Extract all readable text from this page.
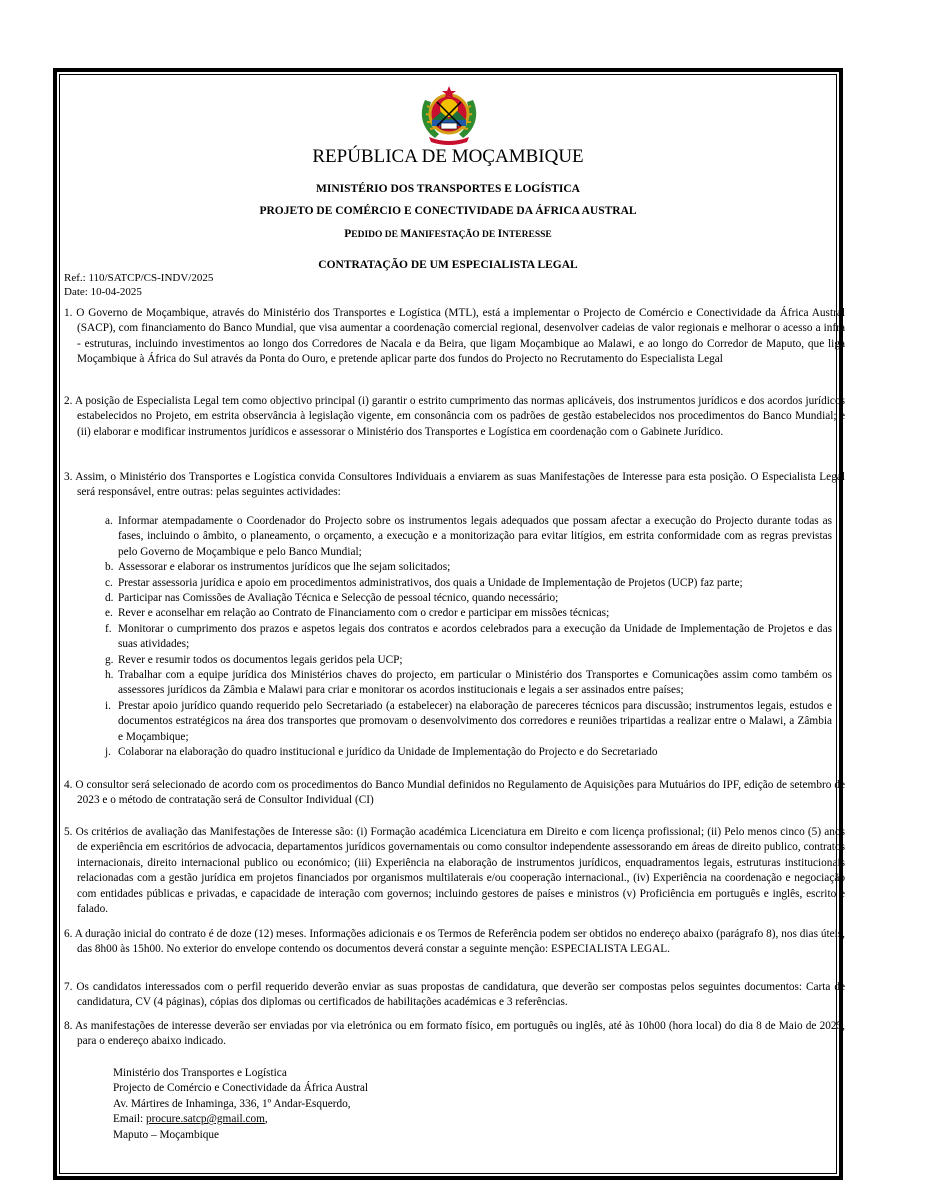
REPÚBLICA DE MOÇAMBIQUE
MINISTÉRIO DOS TRANSPORTES E LOGÍSTICA
PROJETO DE COMÉRCIO E CONECTIVIDADE DA ÁFRICA AUSTRAL
PEDIDO DE MANIFESTAÇÃO DE INTERESSE
CONTRATAÇÃO DE UM ESPECIALISTA LEGAL
Ref.: 110/SATCP/CS-INDV/2025
Date: 10-04-2025
1. O Governo de Moçambique, através do Ministério dos Transportes e Logística (MTL), está a implementar o Projecto de Comércio e Conectividade da África Austral (SACP), com financiamento do Banco Mundial, que visa aumentar a coordenação comercial regional, desenvolver cadeias de valor regionais e melhorar o acesso a infra - estruturas, incluindo investimentos ao longo dos Corredores de Nacala e da Beira, que ligam Moçambique ao Malawi, e ao longo do Corredor de Maputo, que liga Moçambique à África do Sul através da Ponta do Ouro, e pretende aplicar parte dos fundos do Projecto no Recrutamento do Especialista Legal
2. A posição de Especialista Legal tem como objectivo principal (i) garantir o estrito cumprimento das normas aplicáveis, dos instrumentos jurídicos e dos acordos jurídicos estabelecidos no Projeto, em estrita observância à legislação vigente, em consonância com os padrões de gestão estabelecidos nos procedimentos do Banco Mundial; e (ii) elaborar e modificar instrumentos jurídicos e assessorar o Ministério dos Transportes e Logística em coordenação com o Gabinete Jurídico.
3. Assim, o Ministério dos Transportes e Logística convida Consultores Individuais a enviarem as suas Manifestações de Interesse para esta posição. O Especialista Legal será responsável, entre outras: pelas seguintes actividades:
a. Informar atempadamente o Coordenador do Projecto sobre os instrumentos legais adequados que possam afectar a execução do Projecto durante todas as fases, incluindo o âmbito, o planeamento, o orçamento, a execução e a monitorização para evitar litígios, em estrita conformidade com as regras previstas pelo Governo de Moçambique e pelo Banco Mundial;
b. Assessorar e elaborar os instrumentos jurídicos que lhe sejam solicitados;
c. Prestar assessoria jurídica e apoio em procedimentos administrativos, dos quais a Unidade de Implementação de Projetos (UCP) faz parte;
d. Participar nas Comissões de Avaliação Técnica e Selecção de pessoal técnico, quando necessário;
e. Rever e aconselhar em relação ao Contrato de Financiamento com o credor e participar em missões técnicas;
f. Monitorar o cumprimento dos prazos e aspetos legais dos contratos e acordos celebrados para a execução da Unidade de Implementação de Projetos e das suas atividades;
g. Rever e resumir todos os documentos legais geridos pela UCP;
h. Trabalhar com a equipe jurídica dos Ministérios chaves do projecto, em particular o Ministério dos Transportes e Comunicações assim como também os assessores jurídicos da Zâmbia e Malawi para criar e monitorar os acordos institucionais e legais a ser assinados entre países;
i. Prestar apoio jurídico quando requerido pelo Secretariado (a estabelecer) na elaboração de pareceres técnicos para discussão; instrumentos legais, estudos e documentos estratégicos na área dos transportes que promovam o desenvolvimento dos corredores e reuniões tripartidas a realizar entre o Malawi, a Zâmbia e Moçambique;
j. Colaborar na elaboração do quadro institucional e jurídico da Unidade de Implementação do Projecto e do Secretariado
4. O consultor será selecionado de acordo com os procedimentos do Banco Mundial definidos no Regulamento de Aquisições para Mutuários do IPF, edição de setembro de 2023 e o método de contratação será de Consultor Individual (CI)
5. Os critérios de avaliação das Manifestações de Interesse são: (i) Formação académica Licenciatura em Direito e com licença profissional; (ii) Pelo menos cinco (5) anos de experiência em escritórios de advocacia, departamentos jurídicos governamentais ou como consultor independente assessorando em áreas de direito publico, contratos internacionais, direito internacional publico ou económico; (iii) Experiência na elaboração de instrumentos jurídicos, enquadramentos legais, estruturas institucionais relacionadas com a gestão jurídica em projetos financiados por organismos multilaterais e/ou cooperação internacional., (iv) Experiência na coordenação e negociação com entidades públicas e privadas, e capacidade de interação com governos; incluindo gestores de países e ministros (v) Proficiência em português e inglês, escrito e falado.
6. A duração inicial do contrato é de doze (12) meses. Informações adicionais e os Termos de Referência podem ser obtidos no endereço abaixo (parágrafo 8), nos dias úteis, das 8h00 às 15h00. No exterior do envelope contendo os documentos deverá constar a seguinte menção: ESPECIALISTA LEGAL.
7. Os candidatos interessados com o perfil requerido deverão enviar as suas propostas de candidatura, que deverão ser compostas pelos seguintes documentos: Carta de candidatura, CV (4 páginas), cópias dos diplomas ou certificados de habilitações académicas e 3 referências.
8. As manifestações de interesse deverão ser enviadas por via eletrónica ou em formato físico, em português ou inglês, até às 10h00 (hora local) do dia 8 de Maio de 2025, para o endereço abaixo indicado.
Ministério dos Transportes e Logística
Projecto de Comércio e Conectividade da África Austral
Av. Mártires de Inhaminga, 336, 1º Andar-Esquerdo,
Email: procure.satcp@gmail.com,
Maputo – Moçambique
